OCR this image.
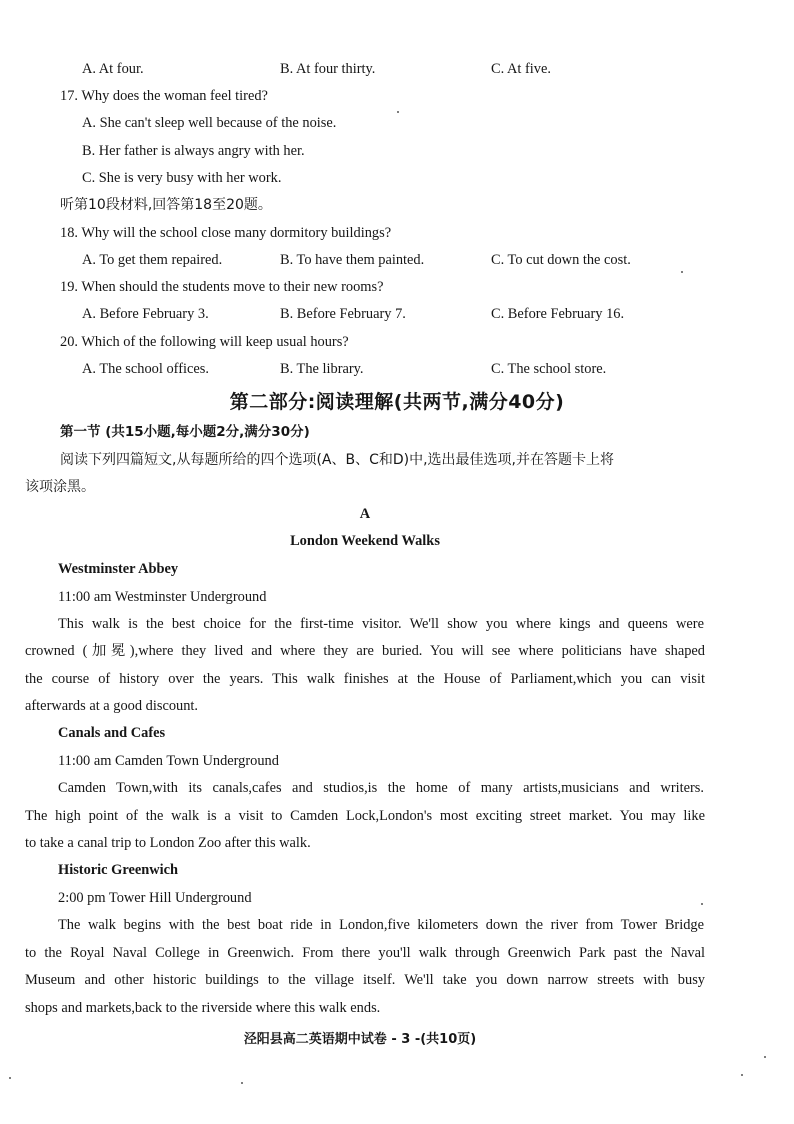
A. At four.	B. At four thirty.	C. At five.
17. Why does the woman feel tired?
A. She can't sleep well because of the noise.
B. Her father is always angry with her.
C. She is very busy with her work.
听第10段材料,回答第18至20题。
18. Why will the school close many dormitory buildings?
A. To get them repaired.	B. To have them painted.	C. To cut down the cost.
19. When should the students move to their new rooms?
A. Before February 3.	B. Before February 7.	C. Before February 16.
20. Which of the following will keep usual hours?
A. The school offices.	B. The library.	C. The school store.
第二部分:阅读理解(共两节,满分40分)
第一节 (共15小题,每小题2分,满分30分)
阅读下列四篇短文,从每题所给的四个选项(A、B、C和D)中,选出最佳选项,并在答题卡上将
该项涂黑。
A
London Weekend Walks
Westminster Abbey
11:00 am Westminster Underground
This walk is the best choice for the first-time visitor. We'll show you where kings and queens were
crowned (加冕),where they lived and where they are buried. You will see where politicians have shaped
the course of history over the years. This walk finishes at the House of Parliament,which you can visit
afterwards at a good discount.
Canals and Cafes
11:00 am Camden Town Underground
Camden Town,with its canals,cafes and studios,is the home of many artists,musicians and writers.
The high point of the walk is a visit to Camden Lock,London's most exciting street market. You may like
to take a canal trip to London Zoo after this walk.
Historic Greenwich
2:00 pm Tower Hill Underground
The walk begins with the best boat ride in London,five kilometers down the river from Tower Bridge
to the Royal Naval College in Greenwich. From there you'll walk through Greenwich Park past the Naval
Museum and other historic buildings to the village itself. We'll take you down narrow streets with busy
shops and markets,back to the riverside where this walk ends.
泾阳县高二英语期中试卷 - 3 -(共10页)
